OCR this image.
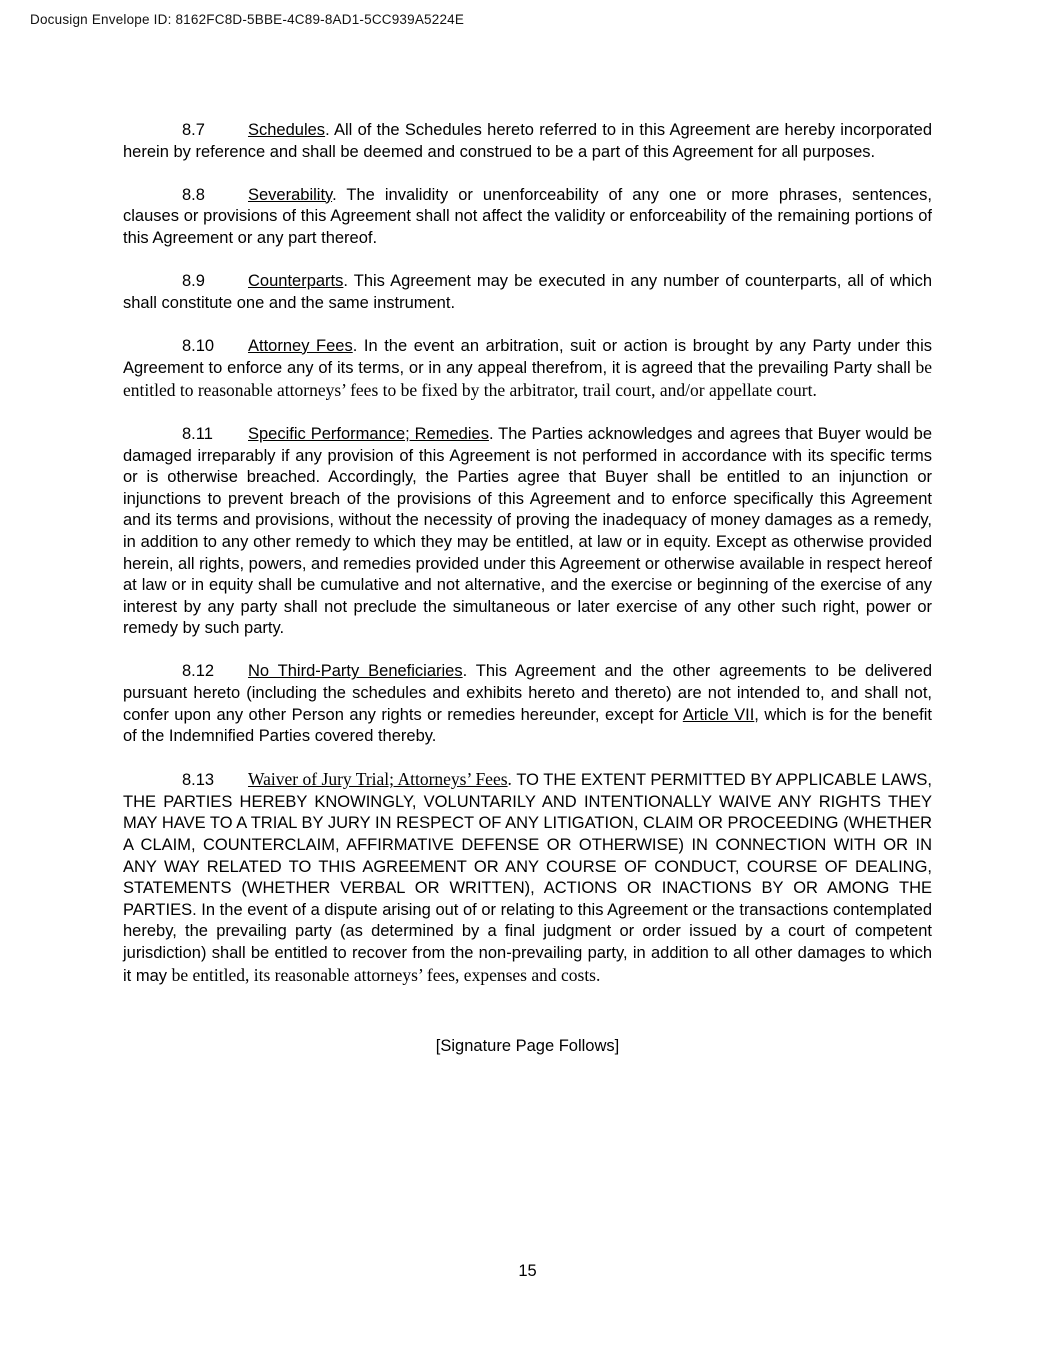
Docusign Envelope ID: 8162FC8D-5BBE-4C89-8AD1-5CC939A5224E

8.7	Schedules. All of the Schedules hereto referred to in this Agreement are hereby incorporated herein by reference and shall be deemed and construed to be a part of this Agreement for all purposes.

8.8	Severability. The invalidity or unenforceability of any one or more phrases, sentences, clauses or provisions of this Agreement shall not affect the validity or enforceability of the remaining portions of this Agreement or any part thereof.

8.9	Counterparts. This Agreement may be executed in any number of counterparts, all of which shall constitute one and the same instrument.

8.10 Attorney Fees. In the event an arbitration, suit or action is brought by any Party under this Agreement to enforce any of its terms, or in any appeal therefrom, it is agreed that the prevailing Party shall be entitled to reasonable attorneys’ fees to be fixed by the arbitrator, trail court, and/or appellate court.

8.11 Specific Performance; Remedies. The Parties acknowledges and agrees that Buyer would be damaged irreparably if any provision of this Agreement is not performed in accordance with its specific terms or is otherwise breached. Accordingly, the Parties agree that Buyer shall be entitled to an injunction or injunctions to prevent breach of the provisions of this Agreement and to enforce specifically this Agreement and its terms and provisions, without the necessity of proving the inadequacy of money damages as a remedy, in addition to any other remedy to which they may be entitled, at law or in equity. Except as otherwise provided herein, all rights, powers, and remedies provided under this Agreement or otherwise available in respect hereof at law or in equity shall be cumulative and not alternative, and the exercise or beginning of the exercise of any interest by any party shall not preclude the simultaneous or later exercise of any other such right, power or remedy by such party.

8.12 No Third-Party Beneficiaries. This Agreement and the other agreements to be delivered pursuant hereto (including the schedules and exhibits hereto and thereto) are not intended to, and shall not, confer upon any other Person any rights or remedies hereunder, except for Article VII, which is for the benefit of the Indemnified Parties covered thereby.

8.13 Waiver of Jury Trial; Attorneys’ Fees. TO THE EXTENT PERMITTED BY APPLICABLE LAWS, THE PARTIES HEREBY KNOWINGLY, VOLUNTARILY AND INTENTIONALLY WAIVE ANY RIGHTS THEY MAY HAVE TO A TRIAL BY JURY IN RESPECT OF ANY LITIGATION, CLAIM OR PROCEEDING (WHETHER A CLAIM, COUNTERCLAIM, AFFIRMATIVE DEFENSE OR OTHERWISE) IN CONNECTION WITH OR IN ANY WAY RELATED TO THIS AGREEMENT OR ANY COURSE OF CONDUCT, COURSE OF DEALING, STATEMENTS (WHETHER VERBAL OR WRITTEN), ACTIONS OR INACTIONS BY OR AMONG THE PARTIES. In the event of a dispute arising out of or relating to this Agreement or the transactions contemplated hereby, the prevailing party (as determined by a final judgment or order issued by a court of competent jurisdiction) shall be entitled to recover from the non-prevailing party, in addition to all other damages to which it may be entitled, its reasonable attorneys’ fees, expenses and costs.

[Signature Page Follows]
15
